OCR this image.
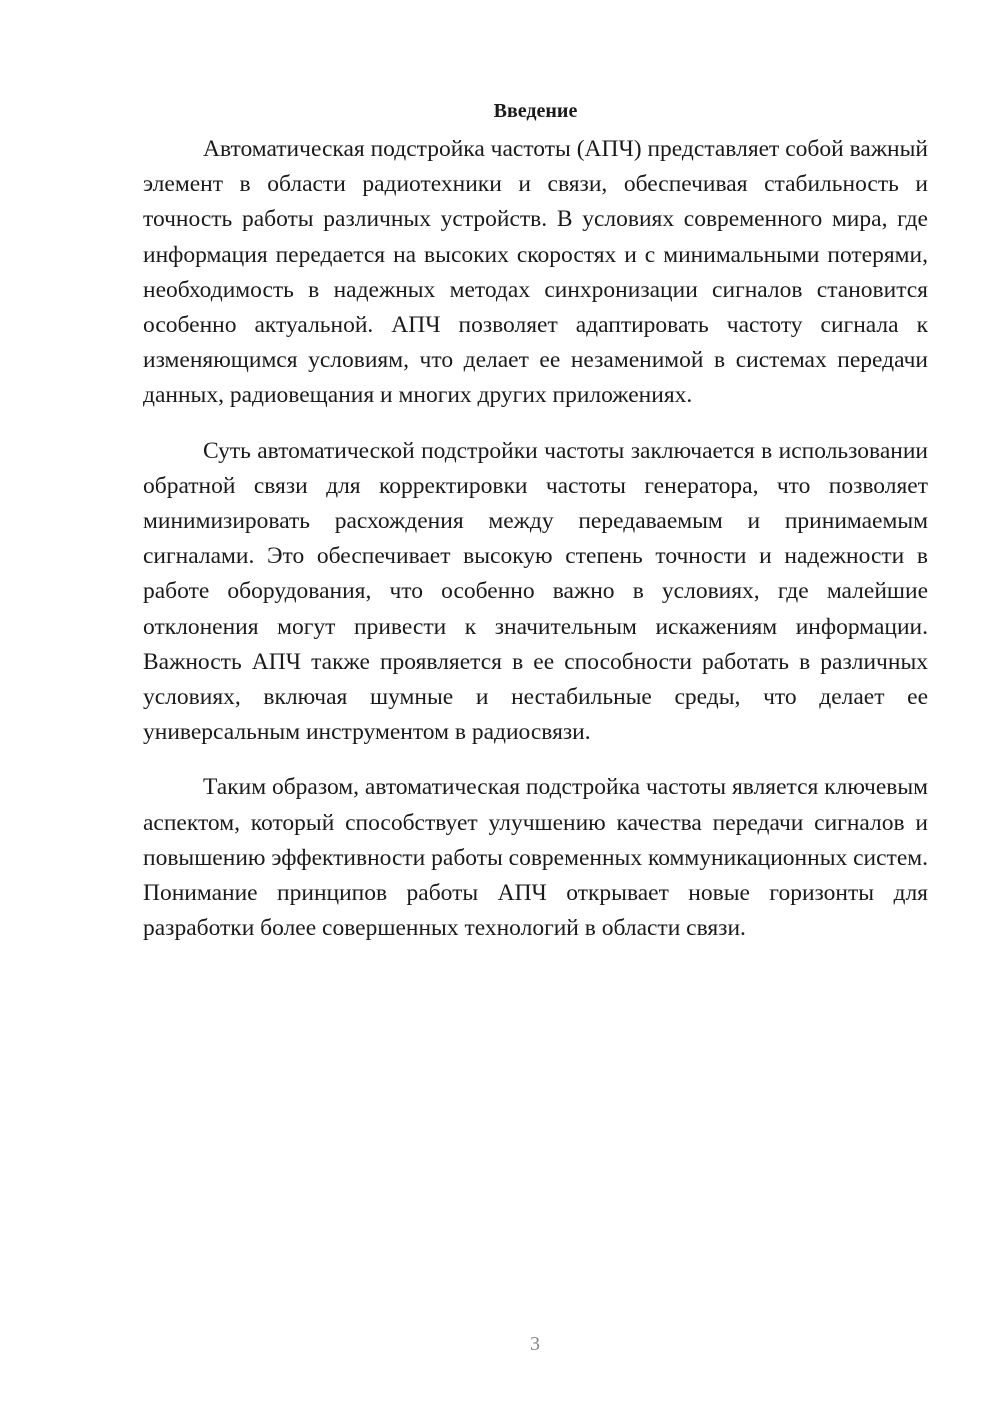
Введение

Автоматическая подстройка частоты (АПЧ) представляет собой важный элемент в области радиотехники и связи, обеспечивая стабильность и точность работы различных устройств. В условиях современного мира, где информация передается на высоких скоростях и с минимальными потерями, необходимость в надежных методах синхронизации сигналов становится особенно актуальной. АПЧ позволяет адаптировать частоту сигнала к изменяющимся условиям, что делает ее незаменимой в системах передачи данных, радиовещания и многих других приложениях.

Суть автоматической подстройки частоты заключается в использовании обратной связи для корректировки частоты генератора, что позволяет минимизировать расхождения между передаваемым и принимаемым сигналами. Это обеспечивает высокую степень точности и надежности в работе оборудования, что особенно важно в условиях, где малейшие отклонения могут привести к значительным искажениям информации. Важность АПЧ также проявляется в ее способности работать в различных условиях, включая шумные и нестабильные среды, что делает ее универсальным инструментом в радиосвязи.

Таким образом, автоматическая подстройка частоты является ключевым аспектом, который способствует улучшению качества передачи сигналов и повышению эффективности работы современных коммуникационных систем. Понимание принципов работы АПЧ открывает новые горизонты для разработки более совершенных технологий в области связи.

3
